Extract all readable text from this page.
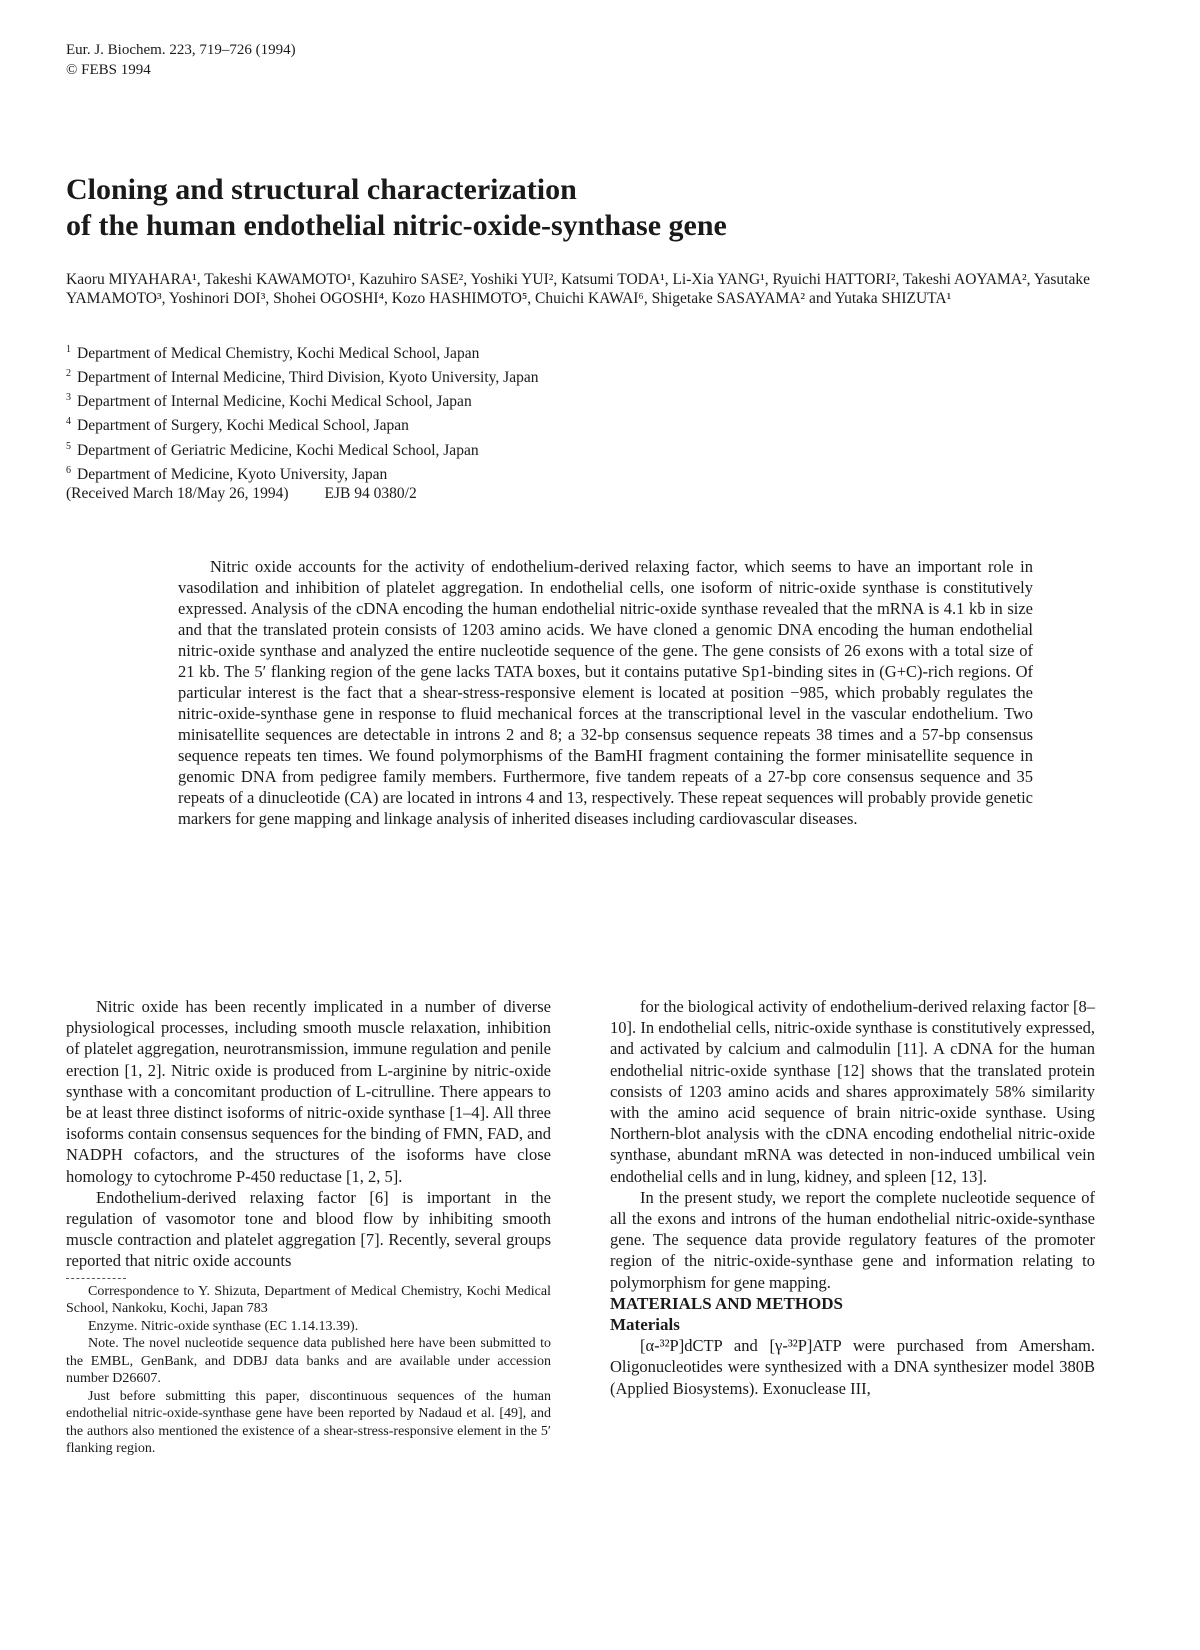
Eur. J. Biochem. 223, 719–726 (1994)
© FEBS 1994
Cloning and structural characterization
of the human endothelial nitric-oxide-synthase gene
Kaoru MIYAHARA¹, Takeshi KAWAMOTO¹, Kazuhiro SASE², Yoshiki YUI², Katsumi TODA¹, Li-Xia YANG¹, Ryuichi HATTORI², Takeshi AOYAMA², Yasutake YAMAMOTO³, Yoshinori DOI³, Shohei OGOSHI⁴, Kozo HASHIMOTO⁵, Chuichi KAWAI⁶, Shigetake SASAYAMA² and Yutaka SHIZUTA¹
$^1$ Department of Medical Chemistry, Kochi Medical School, Japan
$^2$ Department of Internal Medicine, Third Division, Kyoto University, Japan
$^3$ Department of Internal Medicine, Kochi Medical School, Japan
$^4$ Department of Surgery, Kochi Medical School, Japan
$^5$ Department of Geriatric Medicine, Kochi Medical School, Japan
$^6$ Department of Medicine, Kyoto University, Japan
(Received March 18/May 26, 1994) EJB 94 0380/2

Nitric oxide accounts for the activity of endothelium-derived relaxing factor, which seems to have an important role in vasodilation and inhibition of platelet aggregation. In endothelial cells, one isoform of nitric-oxide synthase is constitutively expressed. Analysis of the cDNA encoding the human endothelial nitric-oxide synthase revealed that the mRNA is 4.1 kb in size and that the translated protein consists of 1203 amino acids. We have cloned a genomic DNA encoding the human endothelial nitric-oxide synthase and analyzed the entire nucleotide sequence of the gene. The gene consists of 26 exons with a total size of 21 kb. The 5′ flanking region of the gene lacks TATA boxes, but it contains putative Sp1-binding sites in (G+C)-rich regions. Of particular interest is the fact that a shear-stress-responsive element is located at position −985, which probably regulates the nitric-oxide-synthase gene in response to fluid mechanical forces at the transcriptional level in the vascular endothelium. Two minisatellite sequences are detectable in introns 2 and 8; a 32-bp consensus sequence repeats 38 times and a 57-bp consensus sequence repeats ten times. We found polymorphisms of the BamHI fragment containing the former minisatellite sequence in genomic DNA from pedigree family members. Furthermore, five tandem repeats of a 27-bp core consensus sequence and 35 repeats of a dinucleotide (CA) are located in introns 4 and 13, respectively. These repeat sequences will probably provide genetic markers for gene mapping and linkage analysis of inherited diseases including cardiovascular diseases.

Nitric oxide has been recently implicated in a number of diverse physiological processes, including smooth muscle relaxation, inhibition of platelet aggregation, neurotransmission, immune regulation and penile erection [1, 2]. Nitric oxide is produced from L-arginine by nitric-oxide synthase with a concomitant production of L-citrulline. There appears to be at least three distinct isoforms of nitric-oxide synthase [1–4]. All three isoforms contain consensus sequences for the binding of FMN, FAD, and NADPH cofactors, and the structures of the isoforms have close homology to cytochrome P-450 reductase [1, 2, 5].

Endothelium-derived relaxing factor [6] is important in the regulation of vasomotor tone and blood flow by inhibiting smooth muscle contraction and platelet aggregation [7]. Recently, several groups reported that nitric oxide accounts

Correspondence to Y. Shizuta, Department of Medical Chemistry, Kochi Medical School, Nankoku, Kochi, Japan 783

Enzyme. Nitric-oxide synthase (EC 1.14.13.39).

Note. The novel nucleotide sequence data published here have been submitted to the EMBL, GenBank, and DDBJ data banks and are available under accession number D26607.

Just before submitting this paper, discontinuous sequences of the human endothelial nitric-oxide-synthase gene have been reported by Nadaud et al. [49], and the authors also mentioned the existence of a shear-stress-responsive element in the 5′ flanking region.

for the biological activity of endothelium-derived relaxing factor [8–10]. In endothelial cells, nitric-oxide synthase is constitutively expressed, and activated by calcium and calmodulin [11]. A cDNA for the human endothelial nitric-oxide synthase [12] shows that the translated protein consists of 1203 amino acids and shares approximately 58% similarity with the amino acid sequence of brain nitric-oxide synthase. Using Northern-blot analysis with the cDNA encoding endothelial nitric-oxide synthase, abundant mRNA was detected in non-induced umbilical vein endothelial cells and in lung, kidney, and spleen [12, 13].

In the present study, we report the complete nucleotide sequence of all the exons and introns of the human endothelial nitric-oxide-synthase gene. The sequence data provide regulatory features of the promoter region of the nitric-oxide-synthase gene and information relating to polymorphism for gene mapping.

MATERIALS AND METHODS

Materials

[α-³²P]dCTP and [γ-³²P]ATP were purchased from Amersham. Oligonucleotides were synthesized with a DNA synthesizer model 380B (Applied Biosystems). Exonuclease III,
